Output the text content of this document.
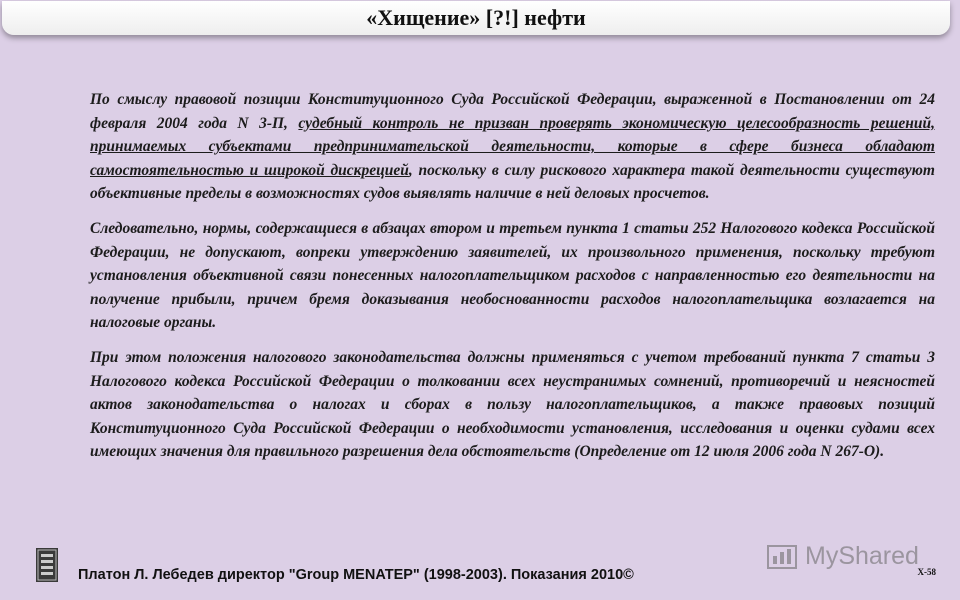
«Хищение» [?!] нефти

По смыслу правовой позиции Конституционного Суда Российской Федерации, выраженной в Постановлении от 24 февраля 2004 года N 3-П, судебный контроль не призван проверять экономическую целесообразность решений, принимаемых субъектами предпринимательской деятельности, которые в сфере бизнеса обладают самостоятельностью и широкой дискрецией, поскольку в силу рискового характера такой деятельности существуют объективные пределы в возможностях судов выявлять наличие в ней деловых просчетов.

Следовательно, нормы, содержащиеся в абзацах втором и третьем пункта 1 статьи 252 Налогового кодекса Российской Федерации, не допускают, вопреки утверждению заявителей, их произвольного применения, поскольку требуют установления объективной связи понесенных налогоплательщиком расходов с направленностью его деятельности на получение прибыли, причем бремя доказывания необоснованности расходов налогоплательщика возлагается на налоговые органы.

При этом положения налогового законодательства должны применяться с учетом требований пункта 7 статьи 3 Налогового кодекса Российской Федерации о толковании всех неустранимых сомнений, противоречий и неясностей актов законодательства о налогах и сборах в пользу налогоплательщиков, а также правовых позиций Конституционного Суда Российской Федерации о необходимости установления, исследования и оценки судами всех имеющих значения для правильного разрешения дела обстоятельств (Определение от 12 июля 2006 года N 267-О).

Платон Л. Лебедев директор "Group MENATEP" (1998-2003). Показания 2010©
MyShared
X-58
